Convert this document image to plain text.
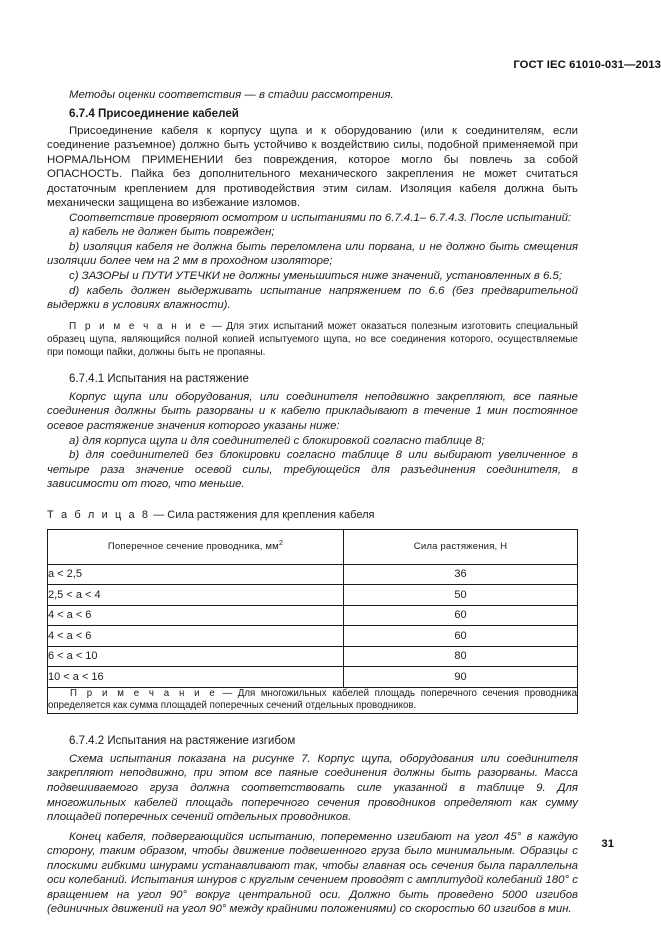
ГОСТ IEC 61010-031—2013

Методы оценки соответствия — в стадии рассмотрения.

6.7.4 Присоединение кабелей

Присоединение кабеля к корпусу щупа и к оборудованию (или к соединителям, если соединение разъемное) должно быть устойчиво к воздействию силы, подобной применяемой при НОРМАЛЬНОМ ПРИМЕНЕНИИ без повреждения, которое могло бы повлечь за собой ОПАСНОСТЬ. Пайка без дополнительного механического закрепления не может считаться достаточным креплением для противодействия этим силам. Изоляция кабеля должна быть механически защищена во избежание изломов.

Соответствие проверяют осмотром и испытаниями по 6.7.4.1– 6.7.4.3. После испытаний:

a) кабель не должен быть поврежден;

b) изоляция кабеля не должна быть переломлена или порвана, и не должно быть смещения изоляции более чем на 2 мм в проходном изоляторе;

c) ЗАЗОРЫ и ПУТИ УТЕЧКИ не должны уменьшиться ниже значений, установленных в 6.5;

d) кабель должен выдерживать испытание напряжением по 6.6 (без предварительной выдержки в условиях влажности).

П р и м е ч а н и е — Для этих испытаний может оказаться полезным изготовить специальный образец щупа, являющийся полной копией испытуемого щупа, но все соединения которого, осуществляемые при помощи пайки, должны быть не пропаяны.

6.7.4.1 Испытания на растяжение

Корпус щупа или оборудования, или соединителя неподвижно закрепляют, все паяные соединения должны быть разорваны и к кабелю прикладывают в течение 1 мин постоянное осевое растяжение значения которого указаны ниже:

a) для корпуса щупа и для соединителей с блокировкой согласно таблице 8;

b) для соединителей без блокировки согласно таблице 8 или выбирают увеличенное в четыре раза значение осевой силы, требующейся для разъединения соединителя, в зависимости от того, что меньше.

Т а б л и ц а 8 — Сила растяжения для крепления кабеля

Поперечное сечение проводника, $мм^2$	Сила растяжения, Н
a < 2,5	36
2,5 < a < 4	50
4 < a < 6	60
4 < a < 6	60
6 < a < 10	80
10 < a < 16	90
П р и м е ч а н и е — Для многожильных кабелей площадь поперечного сечения проводника определяется как сумма площадей поперечных сечений отдельных проводников.	

6.7.4.2 Испытания на растяжение изгибом

Схема испытания показана на рисунке 7. Корпус щупа, оборудования или соединителя закрепляют неподвижно, при этом все паяные соединения должны быть разорваны. Масса подвешиваемого груза должна соответствовать силе указанной в таблице 9. Для многожильных кабелей площадь поперечного сечения проводников определяют как сумму площадей поперечных сечений отдельных проводников.

Конец кабеля, подвергающийся испытанию, попеременно изгибают на угол 45° в каждую сторону, таким образом, чтобы движение подвешенного груза было минимальным. Образцы с плоскими гибкими шнурами устанавливают так, чтобы главная ось сечения была параллельна оси колебаний. Испытания шнуров с круглым сечением проводят с амплитудой колебаний 180° с вращением на угол 90° вокруг центральной оси. Должно быть проведено 5000 изгибов (единичных движений на угол 90° между крайними положениями) со скоростью 60 изгибов в мин.

31
